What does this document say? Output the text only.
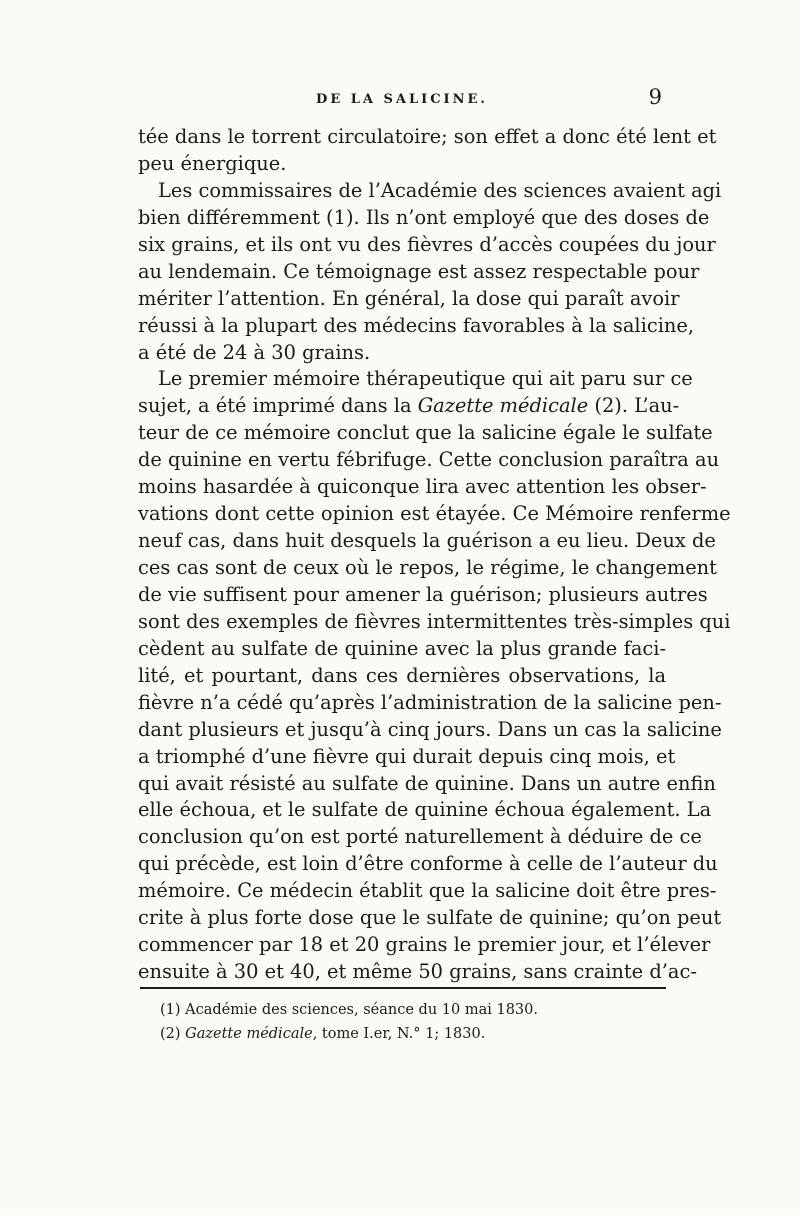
DE LA SALICINE.	9
tée dans le torrent circulatoire; son effet a donc été lent et
peu énergique.
Les commissaires de l’Académie des sciences avaient agi
bien différemment (1). Ils n’ont employé que des doses de
six grains, et ils ont vu des fièvres d’accès coupées du jour
au lendemain. Ce témoignage est assez respectable pour
mériter l’attention. En général, la dose qui paraît avoir
réussi à la plupart des médecins favorables à la salicine,
a été de 24 à 30 grains.
Le premier mémoire thérapeutique qui ait paru sur ce
sujet, a été imprimé dans la Gazette médicale (2). L’au-
teur de ce mémoire conclut que la salicine égale le sulfate
de quinine en vertu fébrifuge. Cette conclusion paraîtra au
moins hasardée à quiconque lira avec attention les obser-
vations dont cette opinion est étayée. Ce Mémoire renferme
neuf cas, dans huit desquels la guérison a eu lieu. Deux de
ces cas sont de ceux où le repos, le régime, le changement
de vie suffisent pour amener la guérison; plusieurs autres
sont des exemples de fièvres intermittentes très-simples qui
cèdent au sulfate de quinine avec la plus grande faci-
lité, et pourtant, dans ces dernières observations, la
fièvre n’a cédé qu’après l’administration de la salicine pen-
dant plusieurs et jusqu’à cinq jours. Dans un cas la salicine
a triomphé d’une fièvre qui durait depuis cinq mois, et
qui avait résisté au sulfate de quinine. Dans un autre enfin
elle échoua, et le sulfate de quinine échoua également. La
conclusion qu’on est porté naturellement à déduire de ce
qui précède, est loin d’être conforme à celle de l’auteur du
mémoire. Ce médecin établit que la salicine doit être pres-
crite à plus forte dose que le sulfate de quinine; qu’on peut
commencer par 18 et 20 grains le premier jour, et l’élever
ensuite à 30 et 40, et même 50 grains, sans crainte d’ac-
(1) Académie des sciences, séance du 10 mai 1830.
(2) Gazette médicale, tome I.er, N.° 1; 1830.
